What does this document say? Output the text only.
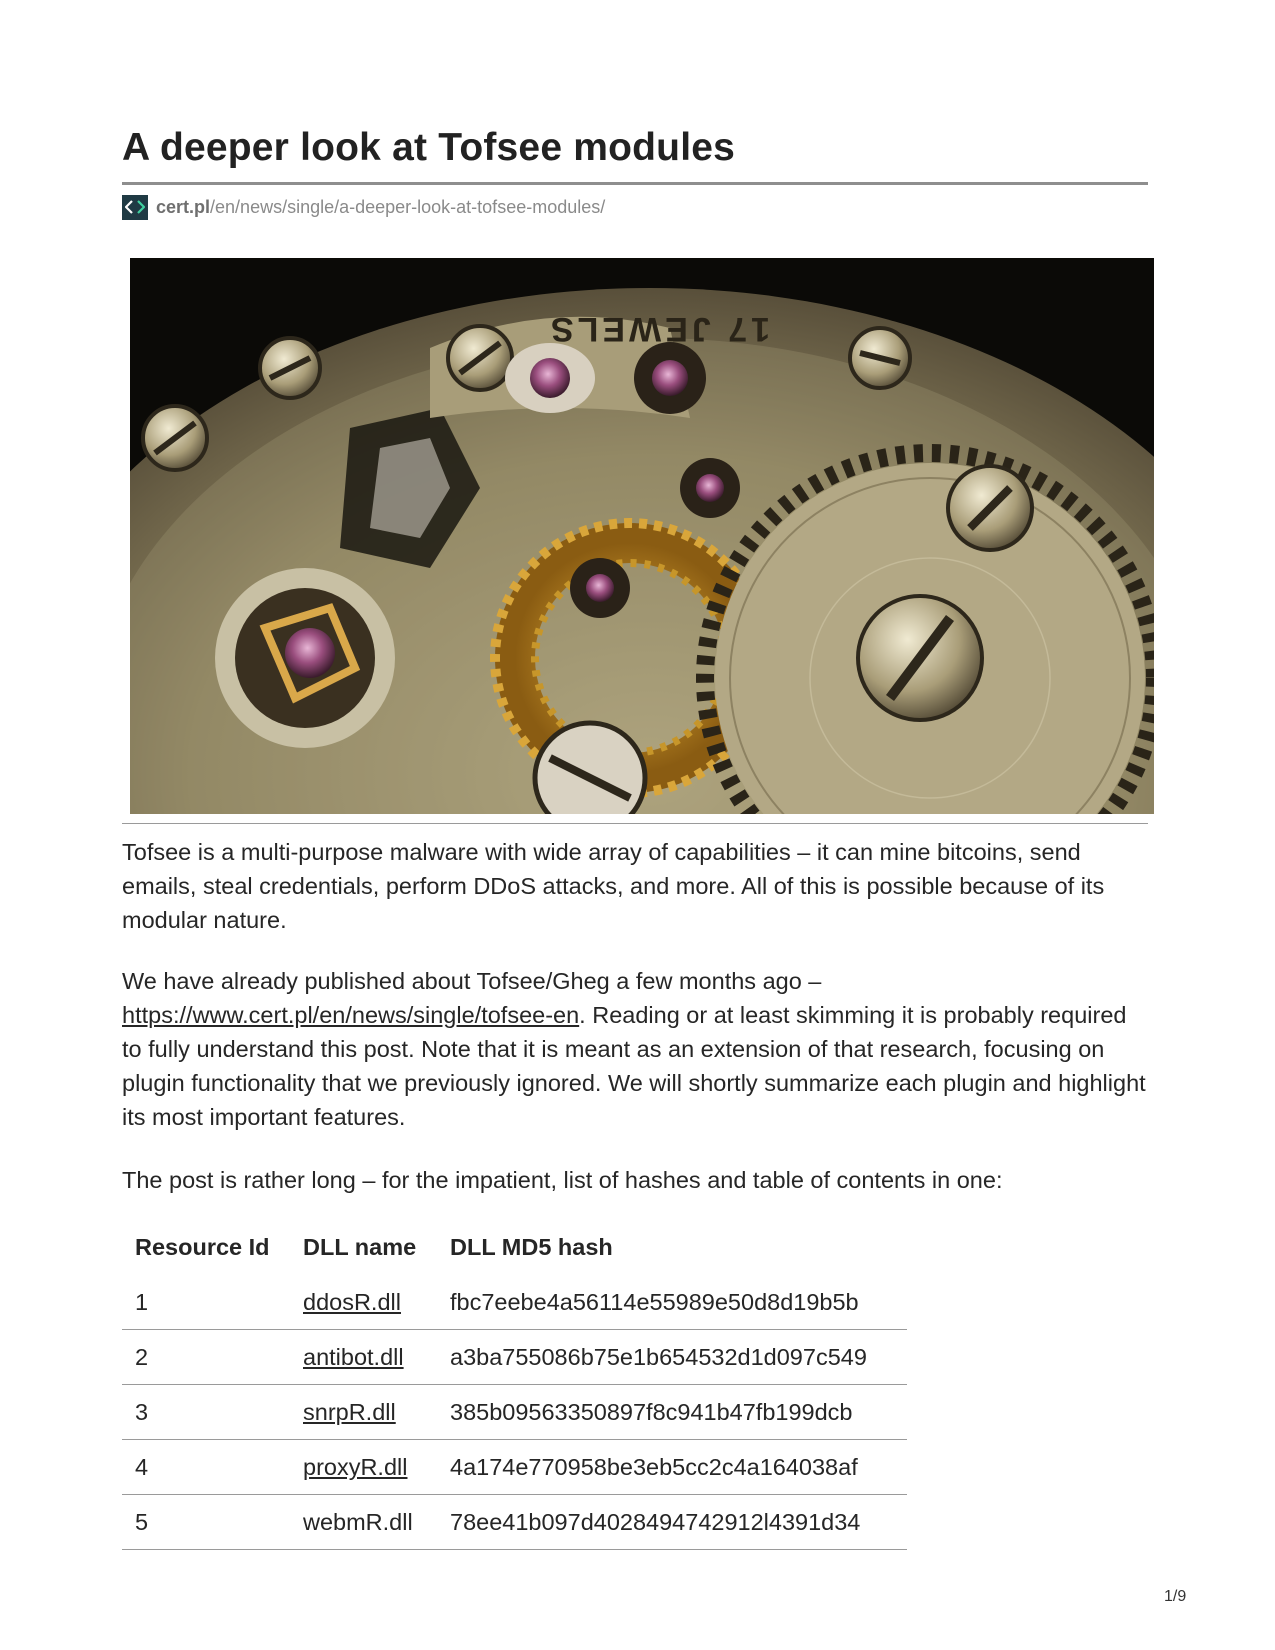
A deeper look at Tofsee modules
cert.pl /en/news/single/a-deeper-look-at-tofsee-modules/
17 JEWELS

Tofsee is a multi-purpose malware with wide array of capabilities – it can mine bitcoins, send emails, steal credentials, perform DDoS attacks, and more. All of this is possible because of its modular nature.

We have already published about Tofsee/Gheg a few months ago –
https://www.cert.pl/en/news/single/tofsee-en. Reading or at least skimming it is probably required to fully understand this post. Note that it is meant as an extension of that research, focusing on plugin functionality that we previously ignored. We will shortly summarize each plugin and highlight its most important features.

The post is rather long – for the impatient, list of hashes and table of contents in one:

Resource Id	DLL name	DLL MD5 hash
1	ddosR.dll	fbc7eebe4a56114e55989e50d8d19b5b
2	antibot.dll	a3ba755086b75e1b654532d1d097c549
3	snrpR.dll	385b09563350897f8c941b47fb199dcb
4	proxyR.dll	4a174e770958be3eb5cc2c4a164038af
5	webmR.dll	78ee41b097d4028494742912l4391d34
1/9
